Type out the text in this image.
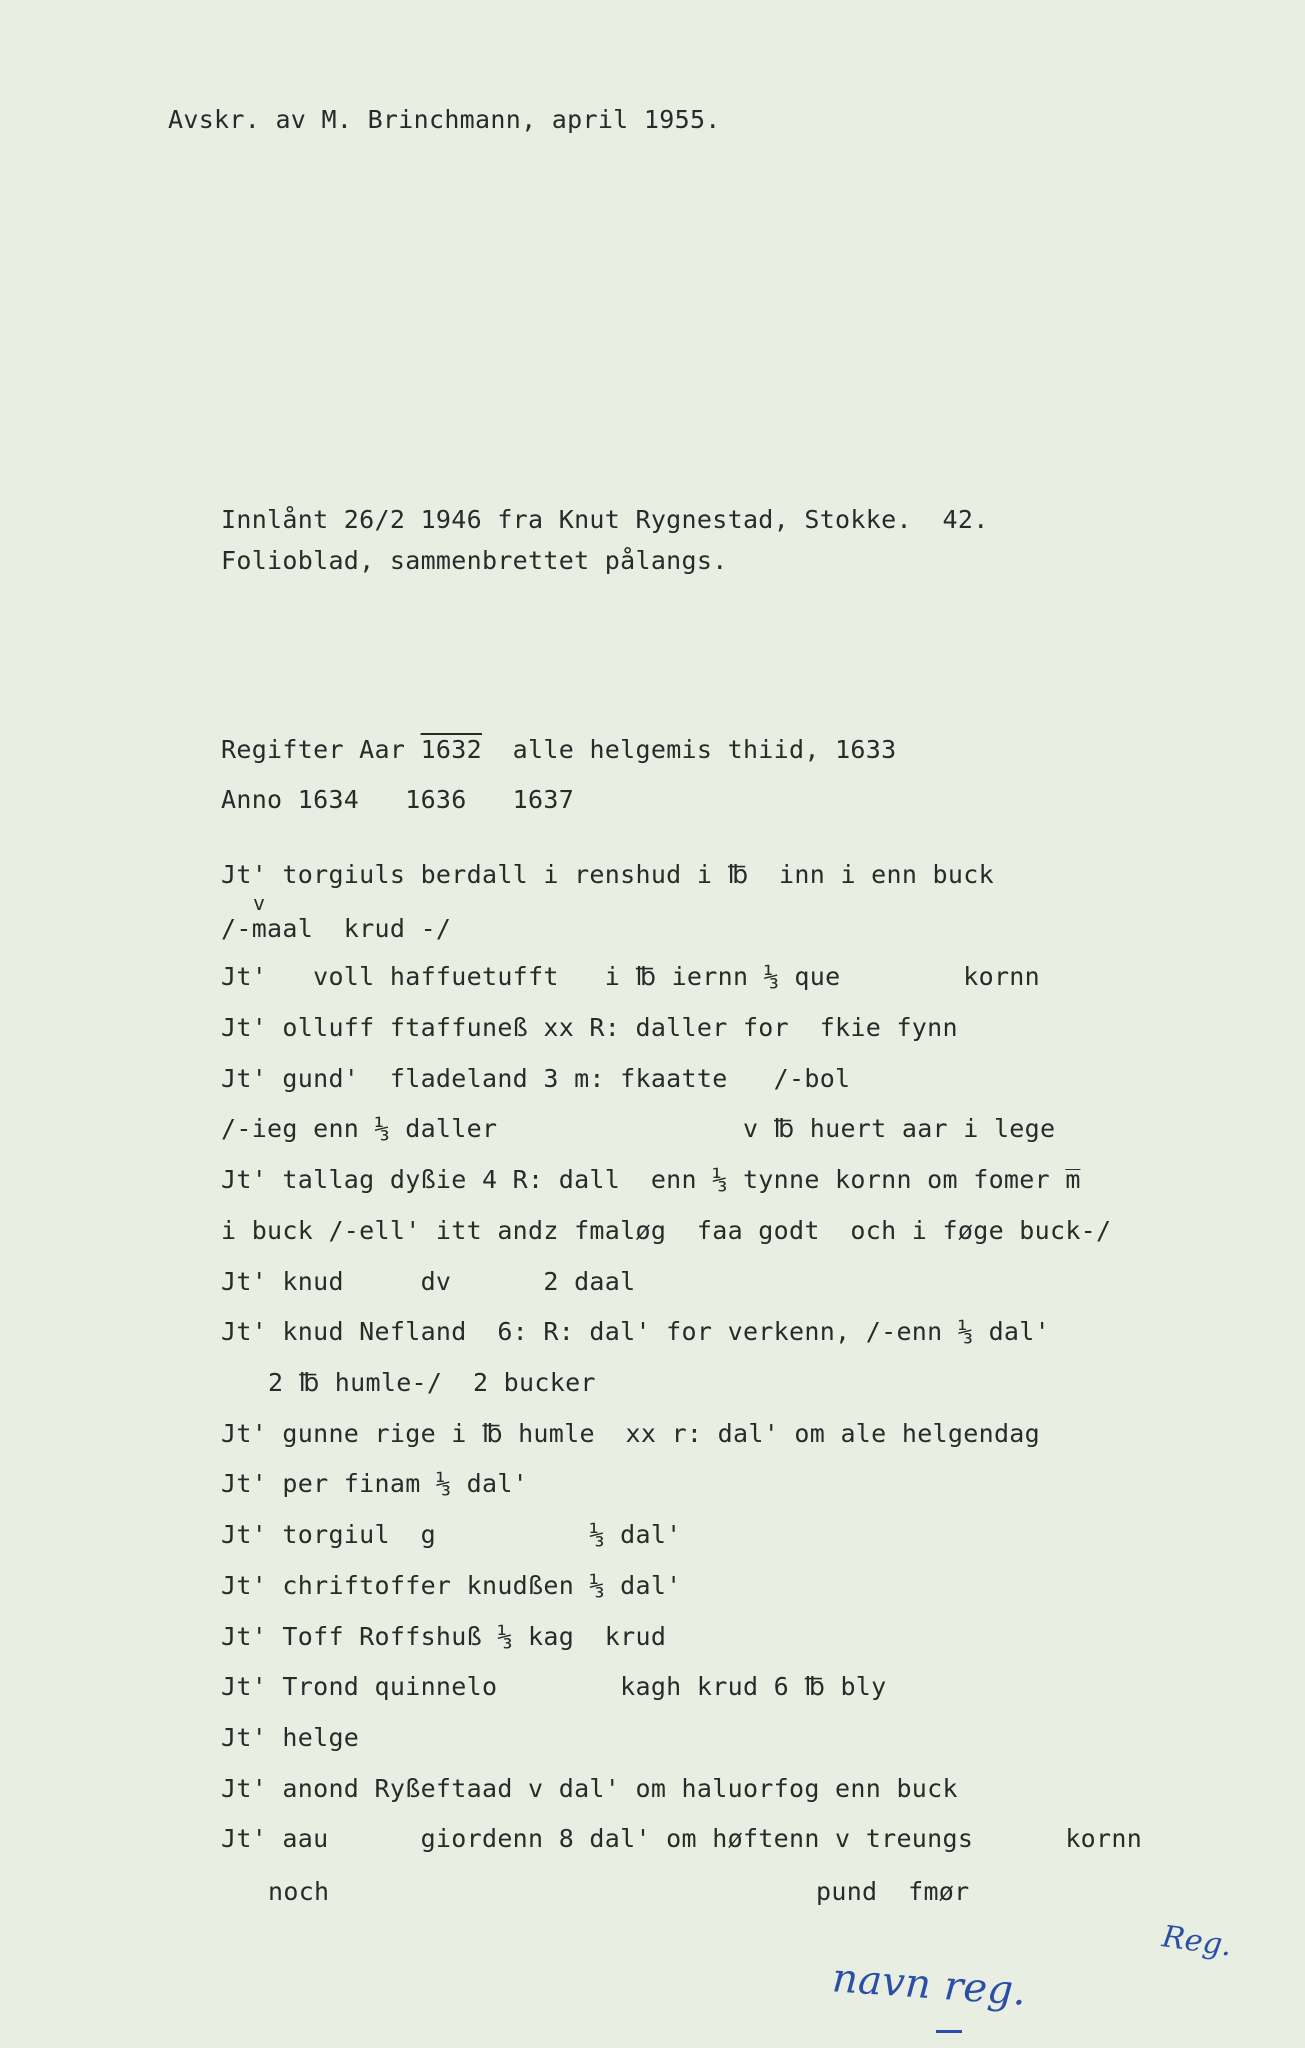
Avskr. av M. Brinchmann, april 1955.
Innlånt 26/2 1946 fra Knut Rygnestad, Stokke.  42.
Folioblad, sammenbrettet pålangs.
Regifter Aar 1632  alle helgemis thiid, 1633
Anno 1634   1636   1637
Jt' torgiuls berdall i renshud i ℔  inn i enn buck
v
/-maal  krud -/
Jt'   voll haffuetufft   i ℔ iernn ⅓ que        kornn
Jt' olluff ftaffuneß xx R: daller for  fkie fynn
Jt' gund'  fladeland 3 m: fkaatte   /-bol
/-ieg enn ⅓ daller                v ℔ huert aar i lege
Jt' tallag dyßie 4 R: dall  enn ⅓ tynne kornn om fomer m̅
i buck /-ell' itt andz fmaløg  faa godt  och i føge buck-/
Jt' knud     dv      2 daal
Jt' knud Nefland  6: R: dal' for verkenn, /-enn ⅓ dal'
2 ℔ humle-/  2 bucker
Jt' gunne rige i ℔ humle  xx r: dal' om ale helgendag
Jt' per finam ⅓ dal'
Jt' torgiul  g          ⅓ dal'
Jt' chriftoffer knudßen ⅓ dal'
Jt' Toff Roffshuß ⅓ kag  krud
Jt' Trond quinnelo        kagh krud 6 ℔ bly
Jt' helge
Jt' anond Ryßeftaad v dal' om haluorfog enn buck
Jt' aau      giordenn 8 dal' om høftenn v treungs      kornn
noch	pund  fmør
Reg.
navn reg.
